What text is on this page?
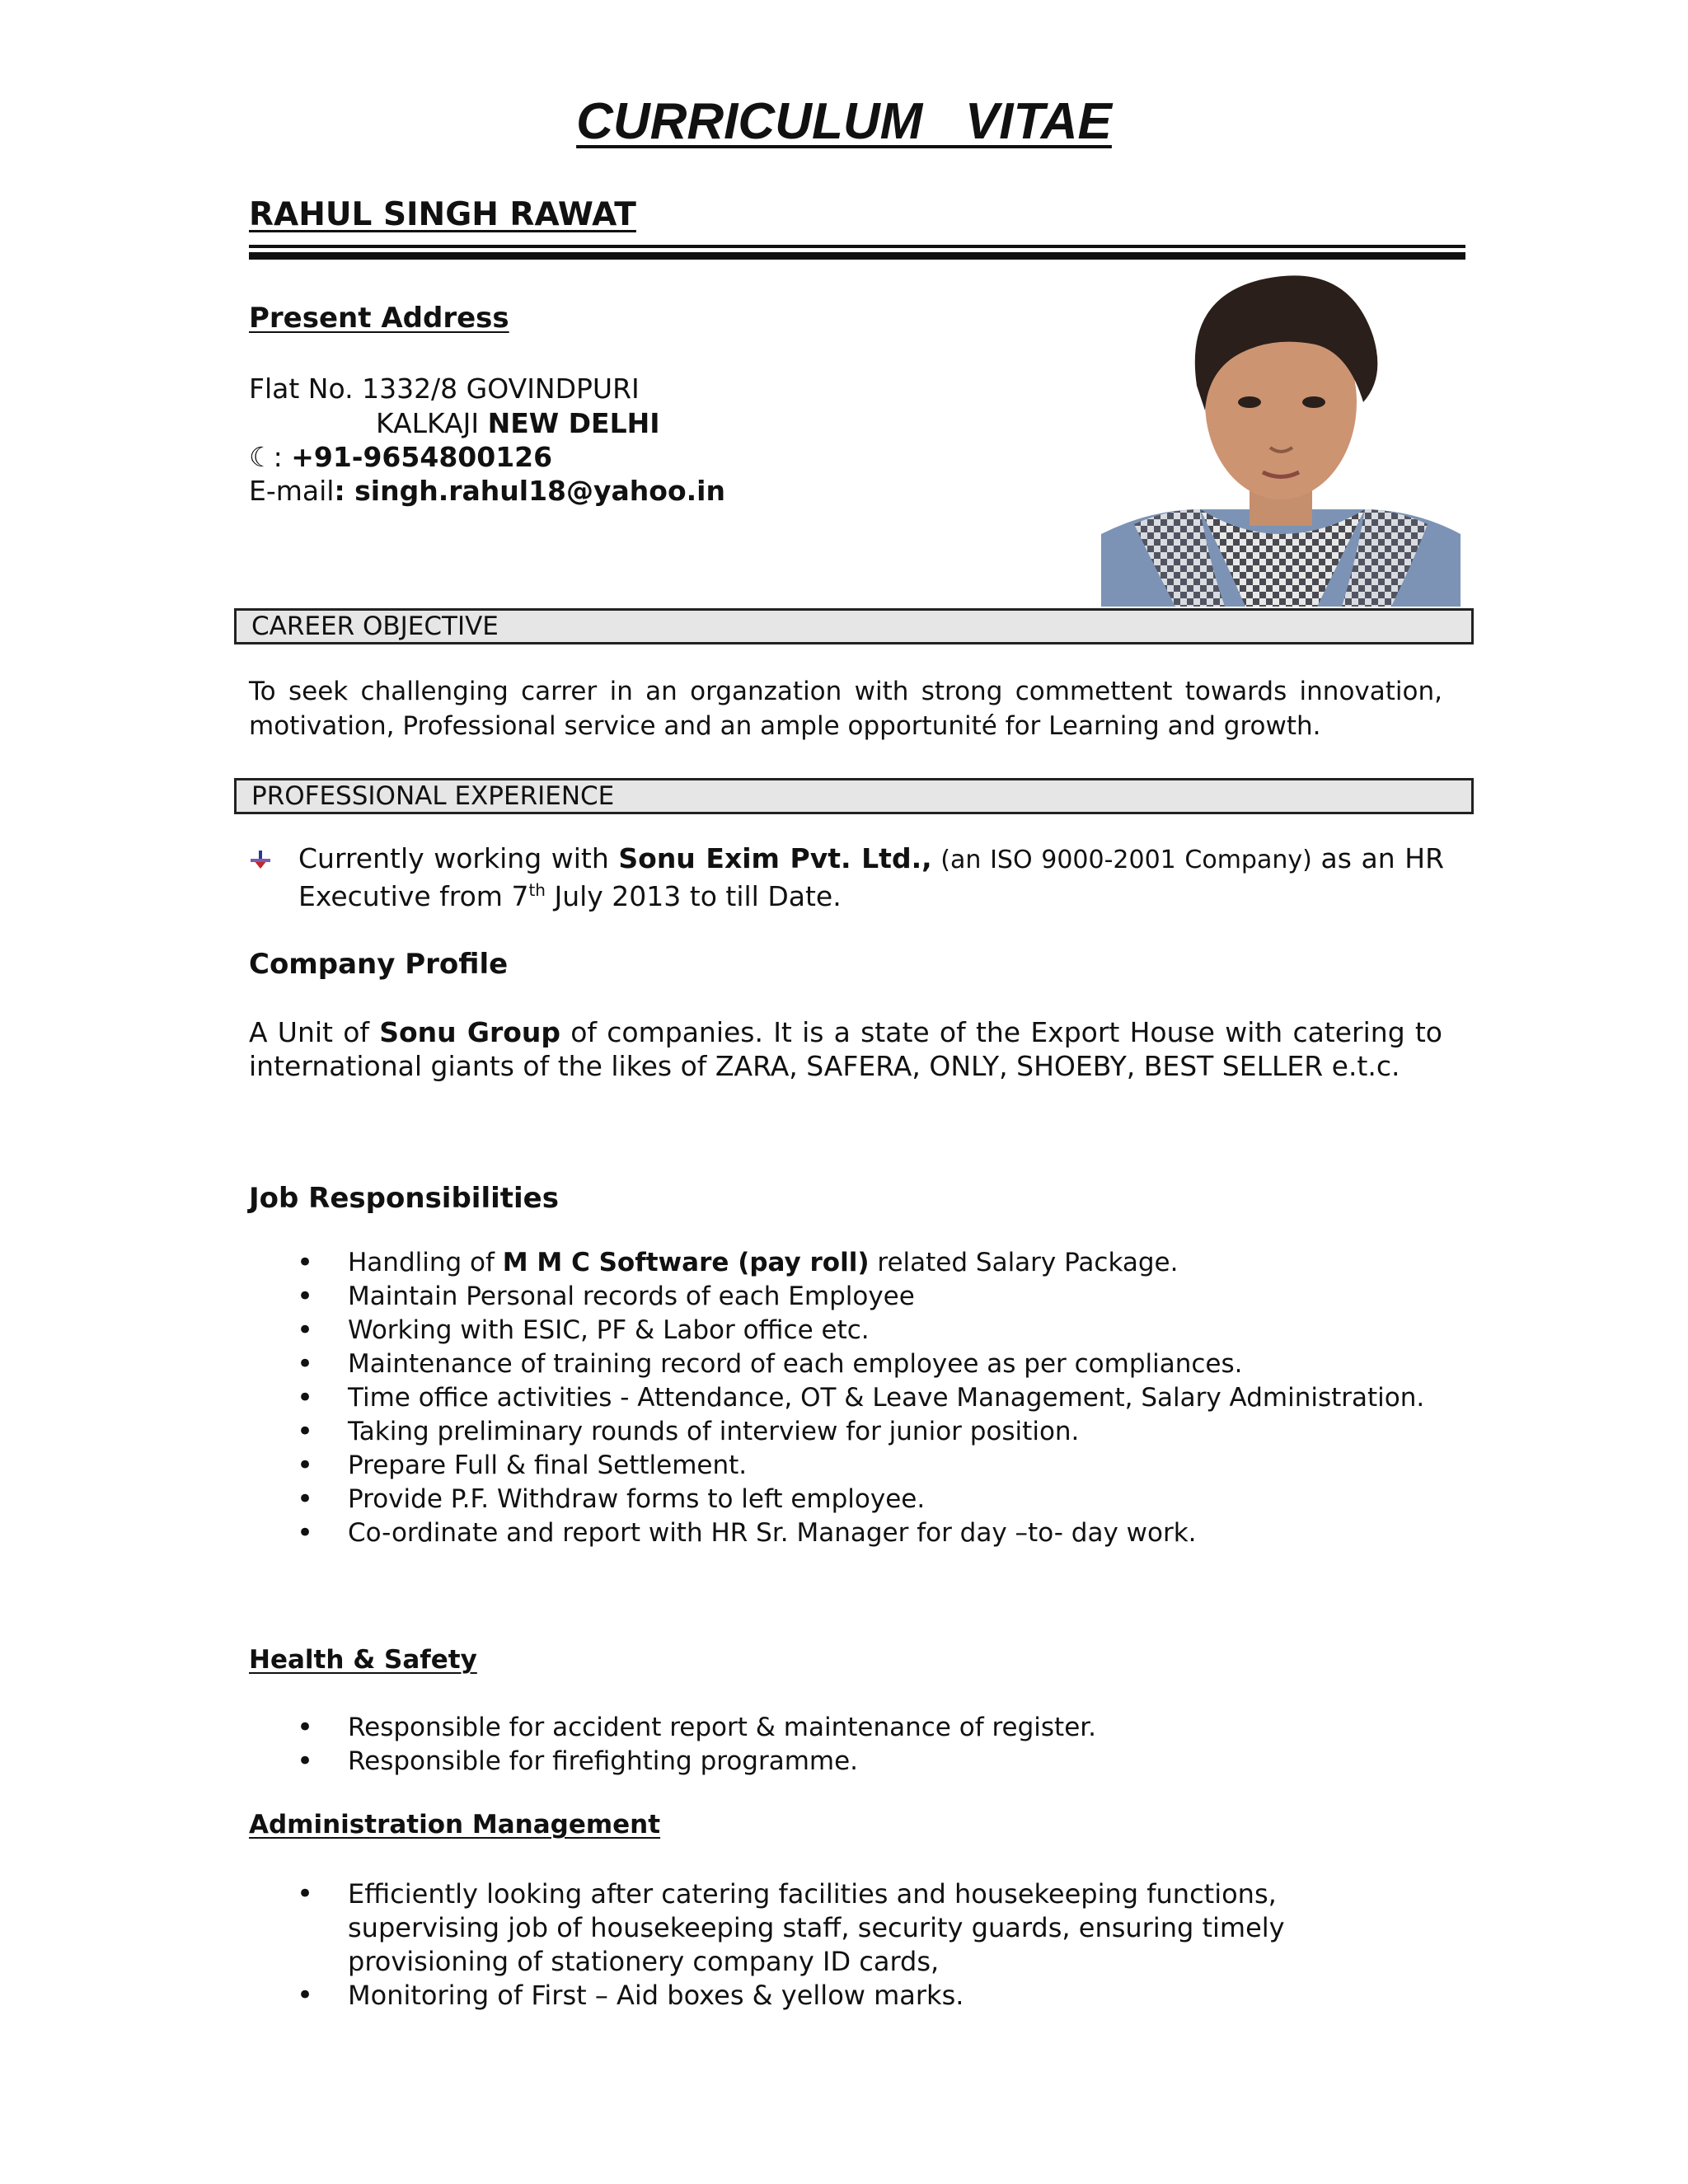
CURRICULUM   VITAE
RAHUL SINGH RAWAT
Present Address
Flat No. 1332/8 GOVINDPURI
KALKAJI NEW DELHI
☾: +91-9654800126
E-mail: singh.rahul18@yahoo.in
CAREER OBJECTIVE
To seek challenging carrer in an organzation with strong commettent towards innovation, motivation, Professional service and an ample opportunité for Learning and growth.
PROFESSIONAL EXPERIENCE
Currently working with Sonu Exim Pvt. Ltd., (an ISO 9000-2001 Company) as an HR
Executive from 7th July 2013 to till Date.
Company Profile
A Unit of Sonu Group of companies. It is a state of the Export House with catering to international giants of the likes of ZARA, SAFERA, ONLY, SHOEBY, BEST SELLER e.t.c.
Job Responsibilities
• Handling of M M C Software (pay roll) related Salary Package.
• Maintain Personal records of each Employee
• Working with ESIC, PF & Labor office etc.
• Maintenance of training record of each employee as per compliances.
• Time office activities - Attendance, OT & Leave Management, Salary Administration.
• Taking preliminary rounds of interview for junior position.
• Prepare Full & final Settlement.
• Provide P.F. Withdraw forms to left employee.
• Co-ordinate and report with HR Sr. Manager for day –to- day work.
Health & Safety
• Responsible for accident report & maintenance of register.
• Responsible for firefighting programme.
Administration Management
• Efficiently looking after catering facilities and housekeeping functions, supervising job of housekeeping staff, security guards, ensuring timely provisioning of stationery company ID cards,
• Monitoring of First – Aid boxes & yellow marks.
